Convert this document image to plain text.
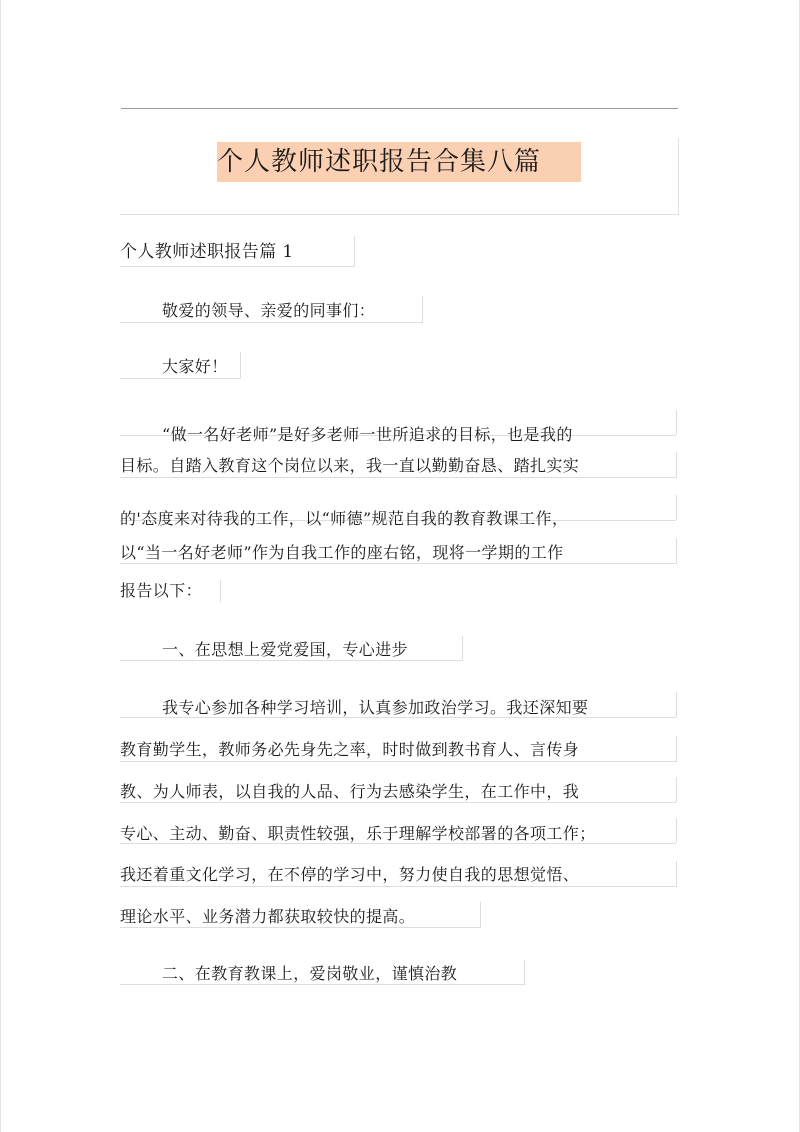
个人教师述职报告合集八篇
个人教师述职报告篇 1
敬爱的领导、亲爱的同事们：
大家好！
“做一名好老师”是好多老师一世所追求的目标，也是我的
目标。自踏入教育这个岗位以来，我一直以勤勤奋恳、踏扎实实
的'态度来对待我的工作，以“师德”规范自我的教育教课工作，
以“当一名好老师”作为自我工作的座右铭，现将一学期的工作
报告以下：
一、在思想上爱党爱国，专心进步
我专心参加各种学习培训，认真参加政治学习。我还深知要
教育勤学生，教师务必先身先之率，时时做到教书育人、言传身
教、为人师表，以自我的人品、行为去感染学生，在工作中，我
专心、主动、勤奋、职责性较强，乐于理解学校部署的各项工作；
我还着重文化学习，在不停的学习中，努力使自我的思想觉悟、
理论水平、业务潜力都获取较快的提高。
二、在教育教课上，爱岗敬业，谨慎治教
